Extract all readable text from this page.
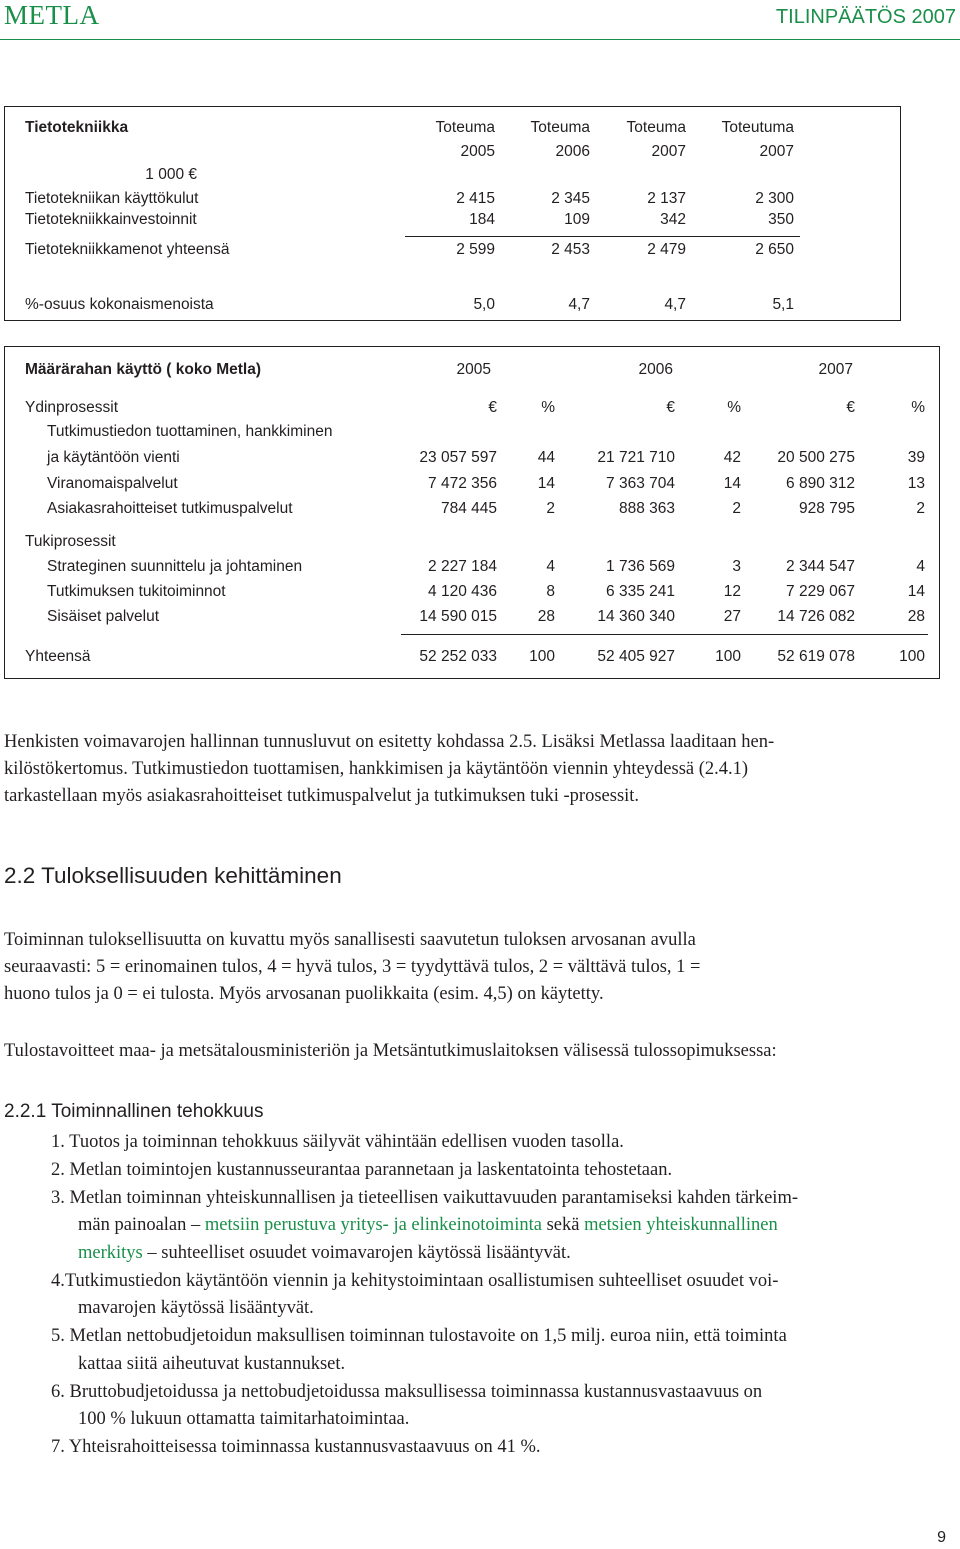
METLA	TILINPÄÄTÖS 2007
Tietotekniikka	Toteuma	Toteuma	Toteuma	Toteutuma
2005	2006	2007	2007
1 000 €
Tietotekniikan käyttökulut	2 415	2 345	2 137	2 300
Tietotekniikkainvestoinnit	184	109	342	350
Tietotekniikkamenot yhteensä	2 599	2 453	2 479	2 650
%-osuus kokonaismenoista	5,0	4,7	4,7	5,1
Määrärahan käyttö ( koko Metla)	2005	2006	2007
Ydinprosessit	€	%	€	%	€	%
Tutkimustiedon tuottaminen, hankkiminen
ja käytäntöön vienti	23 057 597	44	21 721 710	42	20 500 275	39
Viranomaispalvelut	7 472 356	14	7 363 704	14	6 890 312	13
Asiakasrahoitteiset tutkimuspalvelut	784 445	2	888 363	2	928 795	2
Tukiprosessit
Strateginen suunnittelu ja johtaminen	2 227 184	4	1 736 569	3	2 344 547	4
Tutkimuksen tukitoiminnot	4 120 436	8	6 335 241	12	7 229 067	14
Sisäiset palvelut	14 590 015	28	14 360 340	27	14 726 082	28
Yhteensä	52 252 033	100	52 405 927	100	52 619 078	100
Henkisten voimavarojen hallinnan tunnusluvut on esitetty kohdassa 2.5. Lisäksi Metlassa laaditaan hen-
kilöstökertomus. Tutkimustiedon tuottamisen, hankkimisen ja käytäntöön viennin yhteydessä (2.4.1)
tarkastellaan myös asiakasrahoitteiset tutkimuspalvelut ja tutkimuksen tuki -prosessit.
2.2 Tuloksellisuuden kehittäminen
Toiminnan tuloksellisuutta on kuvattu myös sanallisesti saavutetun tuloksen arvosanan avulla
seuraavasti: 5 = erinomainen tulos, 4 = hyvä tulos, 3 = tyydyttävä tulos, 2 = välttävä tulos, 1 =
huono tulos ja 0 = ei tulosta. Myös arvosanan puolikkaita (esim. 4,5) on käytetty.
Tulostavoitteet maa- ja metsätalousministeriön ja Metsäntutkimuslaitoksen välisessä tulossopimuksessa:
2.2.1 Toiminnallinen tehokkuus
1. Tuotos ja toiminnan tehokkuus säilyvät vähintään edellisen vuoden tasolla.
2. Metlan toimintojen kustannusseurantaa parannetaan ja laskentatointa tehostetaan.
3. Metlan toiminnan yhteiskunnallisen ja tieteellisen vaikuttavuuden parantamiseksi kahden tärkeim-
män painoalan – metsiin perustuva yritys- ja elinkeinotoiminta sekä metsien yhteiskunnallinen
merkitys – suhteelliset osuudet voimavarojen käytössä lisääntyvät.
4.Tutkimustiedon käytäntöön viennin ja kehitystoimintaan osallistumisen suhteelliset osuudet voi-
mavarojen käytössä lisääntyvät.
5. Metlan nettobudjetoidun maksullisen toiminnan tulostavoite on 1,5 milj. euroa niin, että toiminta
kattaa siitä aiheutuvat kustannukset.
6. Bruttobudjetoidussa ja nettobudjetoidussa maksullisessa toiminnassa kustannusvastaavuus on
100 % lukuun ottamatta taimitarhatoimintaa.
7. Yhteisrahoitteisessa toiminnassa kustannusvastaavuus on 41 %.
9
